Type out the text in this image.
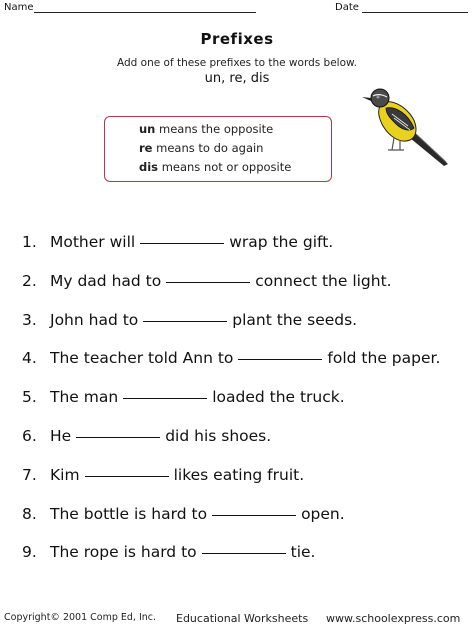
Name	Date
Prefixes
Add one of these prefixes to the words below.
un, re, dis
un means the opposite
re means to do again
dis means not or opposite
1. Mother will	wrap the gift.
2. My dad had to	connect the light.
3. John had to	plant the seeds.
4. The teacher told Ann to	fold the paper.
5. The man	loaded the truck.
6. He	did his shoes.
7. Kim	likes eating fruit.
8. The bottle is hard to	open.
9. The rope is hard to	tie.
Copyright© 2001 Comp Ed, Inc. Educational Worksheets www.schoolexpress.com
